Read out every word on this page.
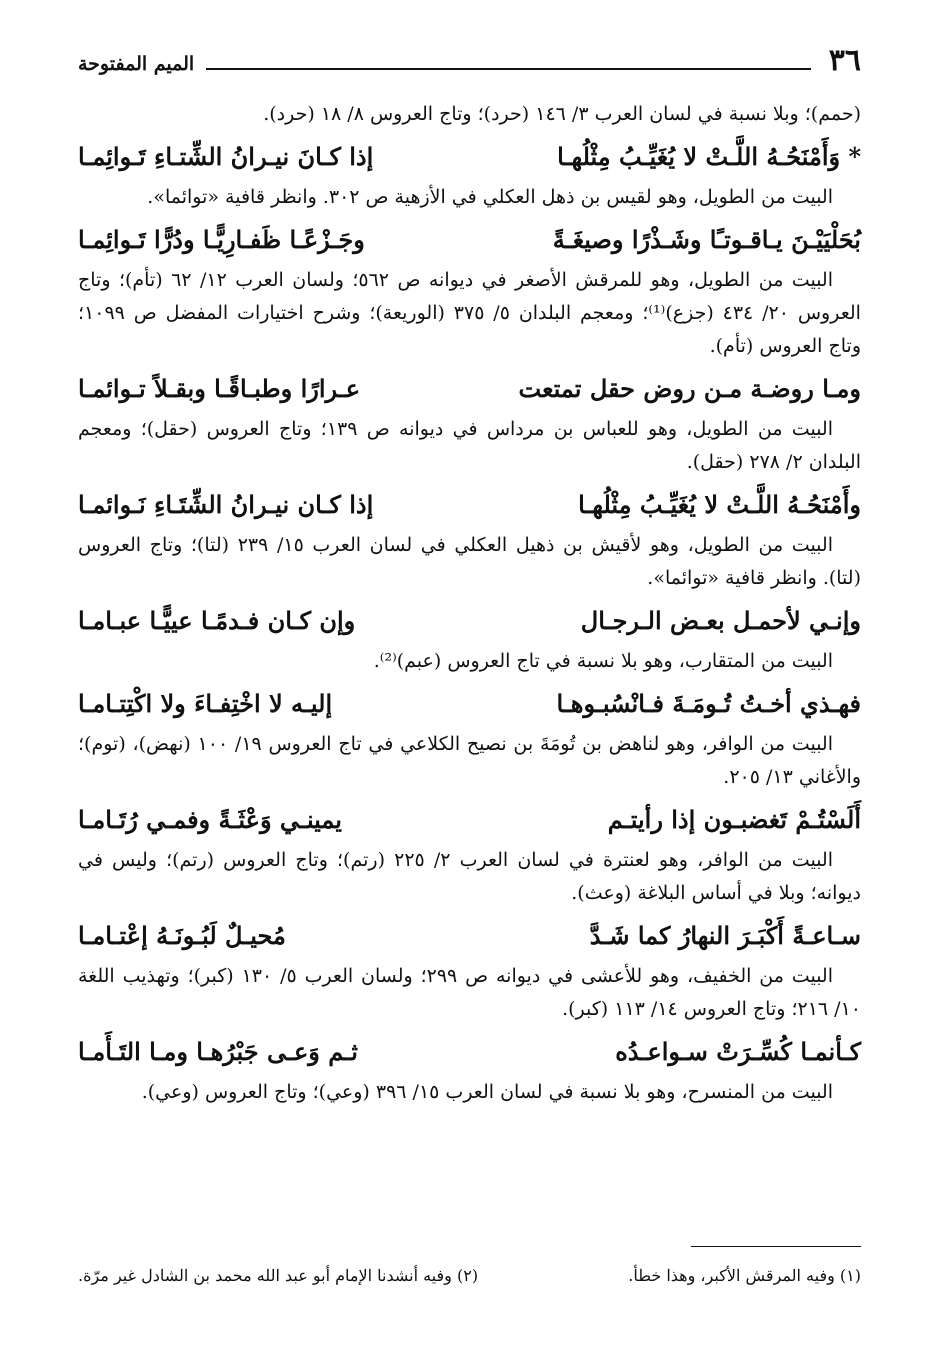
٣٦
الميم المفتوحة

(حمم)؛ وبلا نسبة في لسان العرب ٣/ ١٤٦ (حرد)؛ وتاج العروس ٨/ ١٨ (حرد).

* وَأَمْنَحُـهُ اللَّـتْ لا يُغَيِّـبُ مِثْلُهـا
إذا كـانَ نيـرانُ الشِّتـاءِ تَـوائِمـا

البيت من الطويل، وهو لقيس بن ذهل العكلي في الأزهية ص ٣٠٢. وانظر قافية «توائما».

بُحَلْيَيْـنَ يـاقـوتـًا وشَـذْرًا وصيغَـةً
وجَـزْعًـا ظَفـارِيًّـا ودُرًّا تَـوائِمـا

البيت من الطويل، وهو للمرقش الأصغر في ديوانه ص ٥٦٢؛ ولسان العرب ١٢/ ٦٢ (تأم)؛ وتاج العروس ٢٠/ ٤٣٤ (جزع)⁽¹⁾؛ ومعجم البلدان ٥/ ٣٧٥ (الوريعة)؛ وشرح اختيارات المفضل ص ١٠٩٩؛ وتاج العروس (تأم).

ومـا روضـة مـن روض حقل تمتعت
عـرارًا وطبـاقًـا وبقـلاً تـوائمـا

البيت من الطويل، وهو للعباس بن مرداس في ديوانه ص ١٣٩؛ وتاج العروس (حقل)؛ ومعجم البلدان ٢/ ٢٧٨ (حقل).

وأَمْنَحُـهُ اللَّـتْ لا يُغَيِّـبُ مِثْلُهـا
إذا كـان نيـرانُ الشِّتَـاءِ نَـوائمـا

البيت من الطويل، وهو لأقيش بن ذهيل العكلي في لسان العرب ١٥/ ٢٣٩ (لتا)؛ وتاج العروس (لتا). وانظر قافية «توائما».

وإنـي لأحمـل بعـض الـرجـال
وإن كـان فـدمًـا عييًّـا عبـامـا

البيت من المتقارب، وهو بلا نسبة في تاج العروس (عبم)⁽²⁾.

فهـذي أخـتُ تُـومَـةَ فـانْسُبـوهـا
إليـه لا اخْتِفـاءَ ولا اكْتِتـامـا

البيت من الوافر، وهو لناهض بن تُومَةَ بن نصيح الكلاعي في تاج العروس ١٩/ ١٠٠ (نهض)، (توم)؛ والأغاني ١٣/ ٢٠٥.

أَلَسْتُـمْ تَغضبـون إذا رأيتـم
يمينـي وَعْثَـةً وفمـي رُتَـامـا

البيت من الوافر، وهو لعنترة في لسان العرب ٢/ ٢٢٥ (رتم)؛ وتاج العروس (رتم)؛ وليس في ديوانه؛ وبلا في أساس البلاغة (وعث).

سـاعـةً أَكْبَـرَ النهارُ كما شَـدَّ
مُحيـلٌ لَبُـونَـهُ إعْتـامـا

البيت من الخفيف، وهو للأعشى في ديوانه ص ٢٩٩؛ ولسان العرب ٥/ ١٣٠ (كبر)؛ وتهذيب اللغة ١٠/ ٢١٦؛ وتاج العروس ١٤/ ١١٣ (كبر).

كـأنمـا كُسِّـرَتْ سـواعـدُه
ثـم وَعـى جَبْرُهـا ومـا التَـأَمـا

البيت من المنسرح، وهو بلا نسبة في لسان العرب ١٥/ ٣٩٦ (وعي)؛ وتاج العروس (وعي).

(١) وفيه المرقش الأكبر، وهذا خطأ.
(٢) وفيه أنشدنا الإمام أبو عبد الله محمد بن الشادل غير مرّة.
